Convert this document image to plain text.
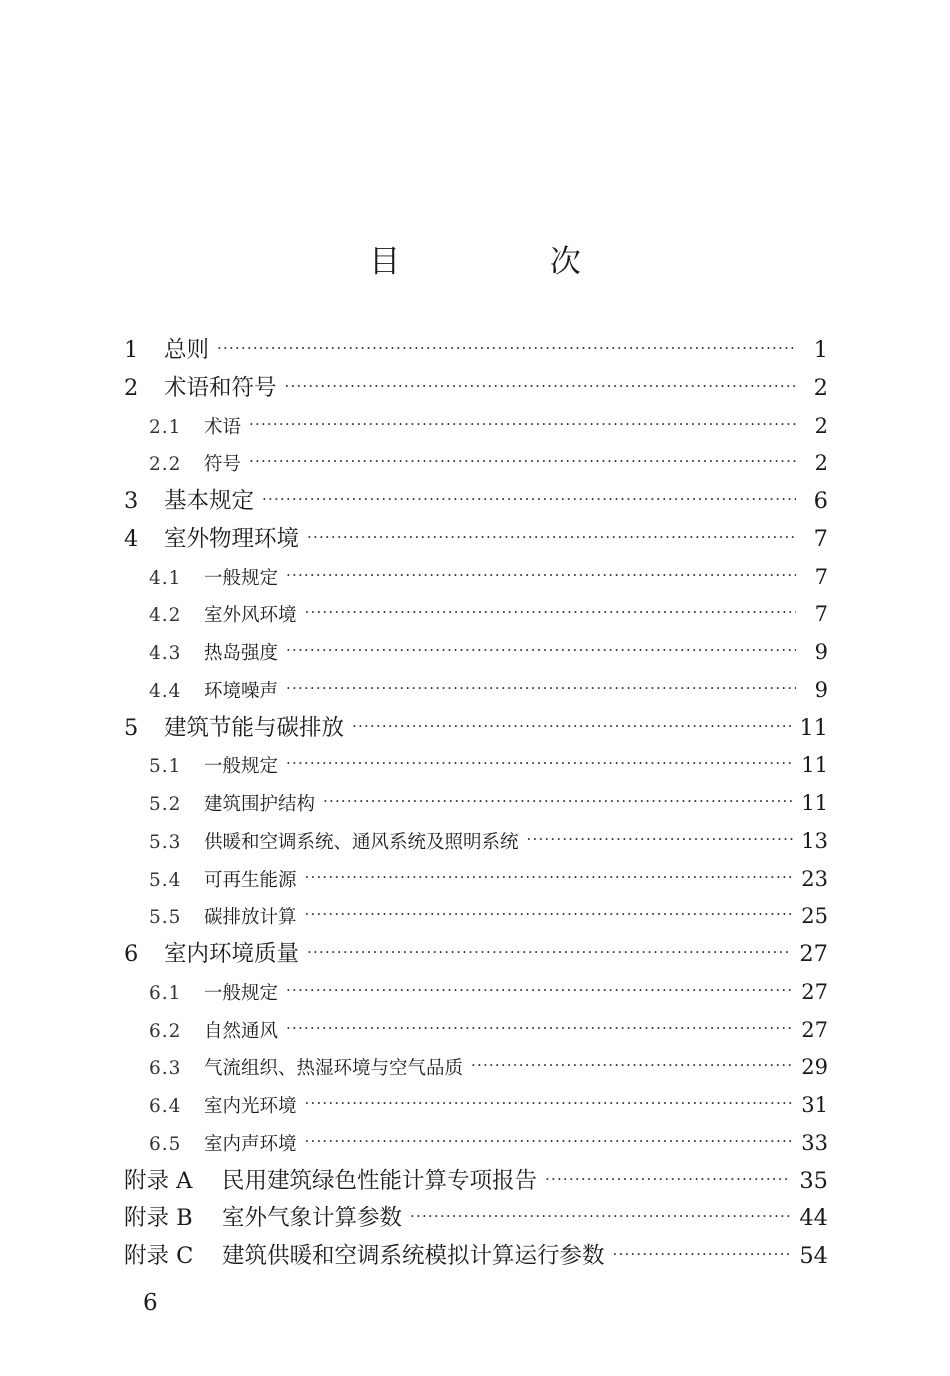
目 次
1	总则 ·····	1
2	术语和符号 ·····	2
2.1	术语 ·····	2
2.2	符号 ·····	2
3	基本规定 ·····	6
4	室外物理环境 ·····	7
4.1	一般规定 ·····	7
4.2	室外风环境 ·····	7
4.3	热岛强度 ·····	9
4.4	环境噪声 ·····	9
5	建筑节能与碳排放 ·····	11
5.1	一般规定 ·····	11
5.2	建筑围护结构 ·····	11
5.3	供暖和空调系统、通风系统及照明系统 ·····	13
5.4	可再生能源 ·····	23
5.5	碳排放计算 ·····	25
6	室内环境质量 ·····	27
6.1	一般规定 ·····	27
6.2	自然通风 ·····	27
6.3	气流组织、热湿环境与空气品质 ·····	29
6.4	室内光环境 ·····	31
6.5	室内声环境 ·····	33
附录 A	民用建筑绿色性能计算专项报告 ·····	35
附录 B	室外气象计算参数 ·····	44
附录 C	建筑供暖和空调系统模拟计算运行参数 ·····	54
6
